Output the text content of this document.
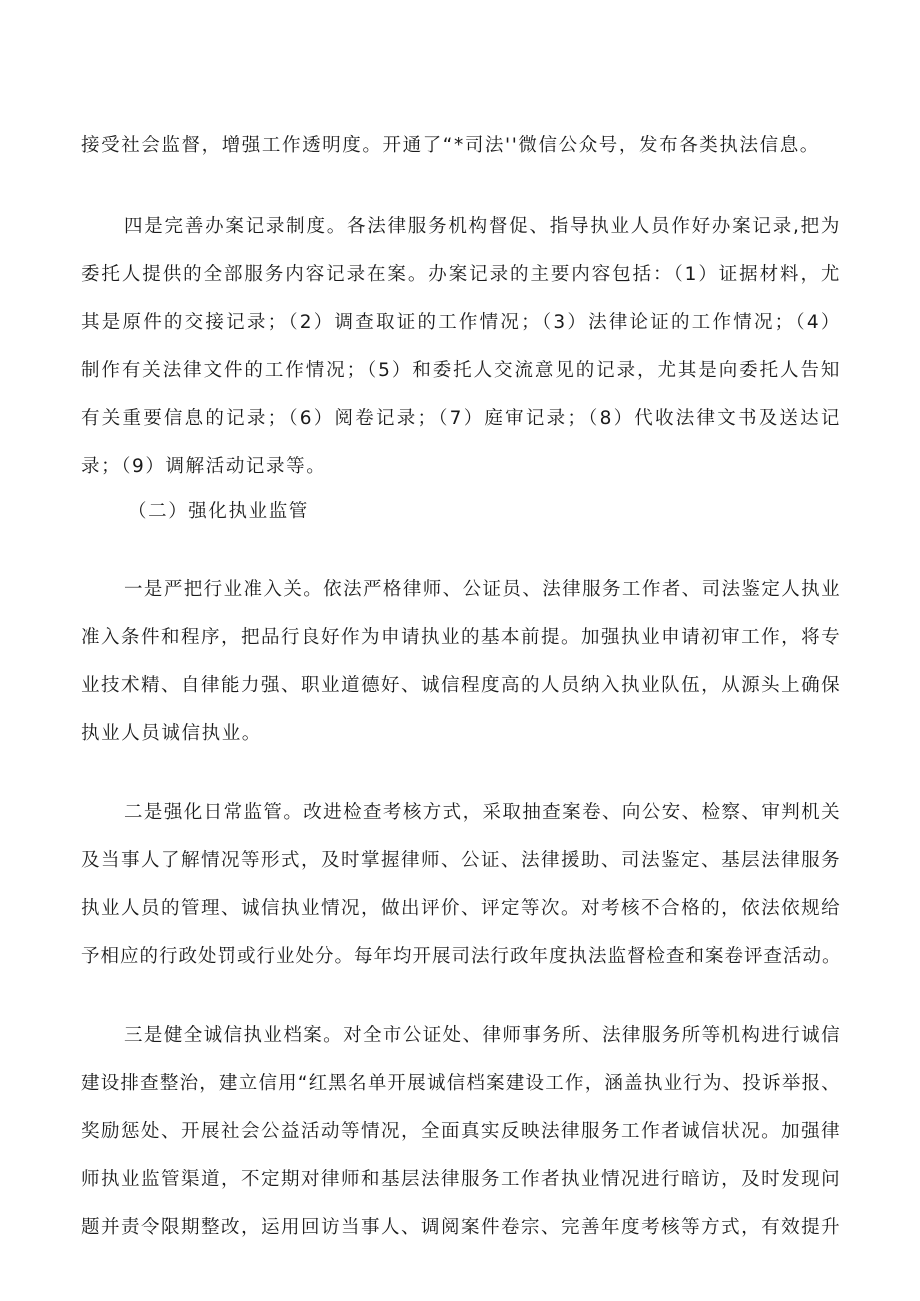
接受社会监督，增强工作透明度。开通了“*司法''微信公众号，发布各类执法信息。
四是完善办案记录制度。各法律服务机构督促、指导执业人员作好办案记录,把为
委托人提供的全部服务内容记录在案。办案记录的主要内容包括：（1）证据材料，尤
其是原件的交接记录；（2）调查取证的工作情况；（3）法律论证的工作情况；（4）
制作有关法律文件的工作情况；（5）和委托人交流意见的记录，尤其是向委托人告知
有关重要信息的记录；（6）阅卷记录；（7）庭审记录；（8）代收法律文书及送达记
录；（9）调解活动记录等。
（二）强化执业监管
一是严把行业准入关。依法严格律师、公证员、法律服务工作者、司法鉴定人执业
准入条件和程序，把品行良好作为申请执业的基本前提。加强执业申请初审工作，将专
业技术精、自律能力强、职业道德好、诚信程度高的人员纳入执业队伍，从源头上确保
执业人员诚信执业。
二是强化日常监管。改进检查考核方式，采取抽查案卷、向公安、检察、审判机关
及当事人了解情况等形式，及时掌握律师、公证、法律援助、司法鉴定、基层法律服务
执业人员的管理、诚信执业情况，做出评价、评定等次。对考核不合格的，依法依规给
予相应的行政处罚或行业处分。每年均开展司法行政年度执法监督检查和案卷评查活动。
三是健全诚信执业档案。对全市公证处、律师事务所、法律服务所等机构进行诚信
建设排查整治，建立信用“红黑名单开展诚信档案建设工作，涵盖执业行为、投诉举报、
奖励惩处、开展社会公益活动等情况，全面真实反映法律服务工作者诚信状况。加强律
师执业监管渠道，不定期对律师和基层法律服务工作者执业情况进行暗访，及时发现问
题并责令限期整改，运用回访当事人、调阅案件卷宗、完善年度考核等方式，有效提升
